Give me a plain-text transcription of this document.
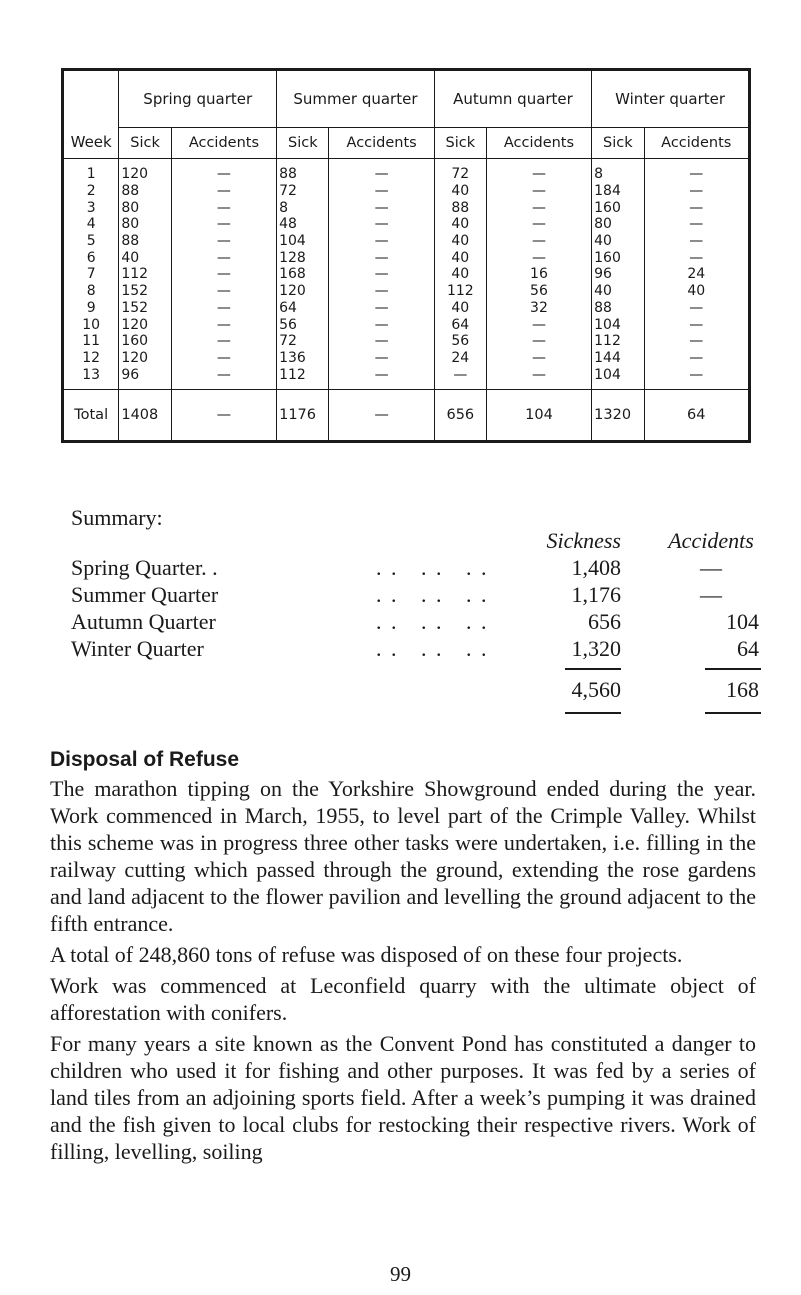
Week	Spring quarter		Summer quarter		Autumn quarter		Winter quarter	
	Sick	Accidents	Sick	Accidents	Sick	Accidents	Sick	Accidents
1	120	—	88	—	72	—	8	—
2	88	—	72	—	40	—	184	—
3	80	—	8	—	88	—	160	—
4	80	—	48	—	40	—	80	—
5	88	—	104	—	40	—	40	—
6	40	—	128	—	40	—	160	—
7	112	—	168	—	40	16	96	24
8	152	—	120	—	112	56	40	40
9	152	—	64	—	40	32	88	—
10	120	—	56	—	64	—	104	—
11	160	—	72	—	56	—	112	—
12	120	—	136	—	24	—	144	—
13	96	—	112	—	—	—	104	—
Total	1408	—	1176	—	656	104	1320	64
Summary:
Sickness	Accidents
Spring Quarter. .	. .   . .   . .	1,408	—
Summer Quarter	. .   . .   . .	1,176	—
Autumn Quarter	. .   . .   . .	656	104
Winter Quarter	. .   . .   . .	1,320	64
4,560	168
Disposal of Refuse

The marathon tipping on the Yorkshire Showground ended during the year. Work commenced in March, 1955, to level part of the Crimple Valley. Whilst this scheme was in progress three other tasks were undertaken, i.e. filling in the railway cutting which passed through the ground, extending the rose gardens and land adjacent to the flower pavilion and levelling the ground adjacent to the fifth entrance.

A total of 248,860 tons of refuse was disposed of on these four projects.

Work was commenced at Leconfield quarry with the ultimate object of afforestation with conifers.

For many years a site known as the Convent Pond has constituted a danger to children who used it for fishing and other purposes. It was fed by a series of land tiles from an adjoining sports field. After a week’s pumping it was drained and the fish given to local clubs for restocking their respective rivers. Work of filling, levelling, soiling

99
